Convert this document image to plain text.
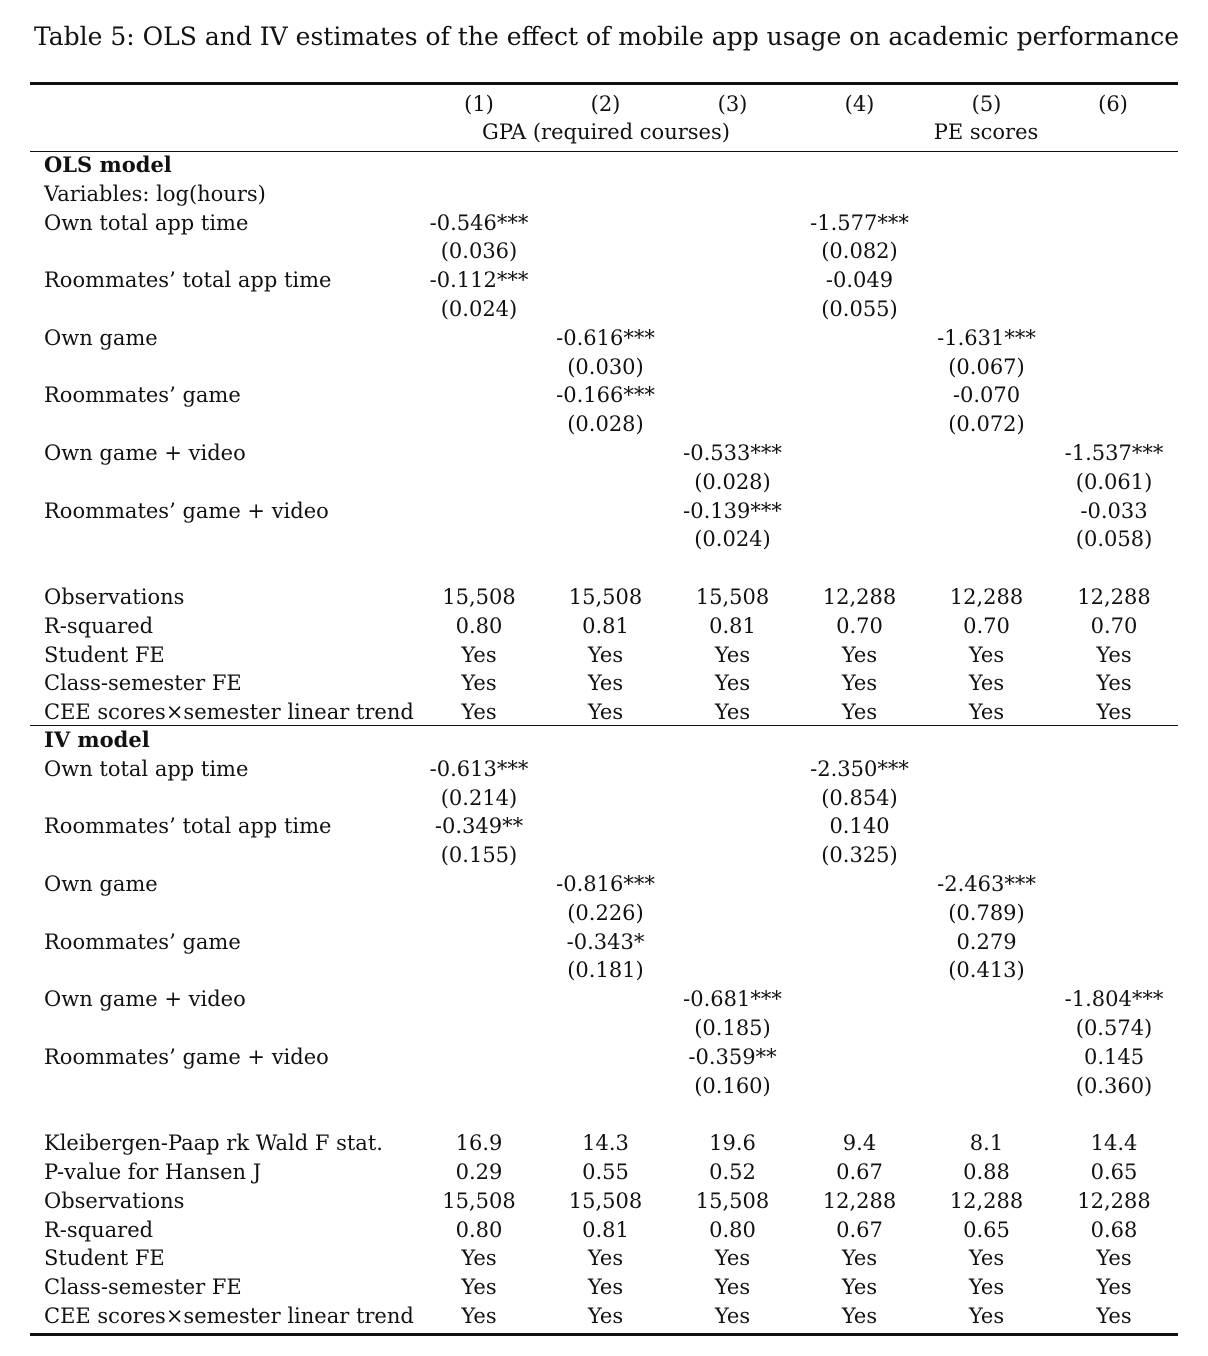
Table 5: OLS and IV estimates of the effect of mobile app usage on academic performance
(1)	(2)	(3)	(4)	(5)	(6)
GPA (required courses)	PE scores
OLS model						
Variables: log(hours)						
Own total app time	-0.546***			-1.577***		
	(0.036)			(0.082)		
Roommates’ total app time	-0.112***			-0.049		
	(0.024)			(0.055)		
Own game		-0.616***			-1.631***	
		(0.030)			(0.067)	
Roommates’ game		-0.166***			-0.070	
		(0.028)			(0.072)	
Own game + video			-0.533***			-1.537***
			(0.028)			(0.061)
Roommates’ game + video			-0.139***			-0.033
			(0.024)			(0.058)

Observations	15,508	15,508	15,508	12,288	12,288	12,288
R-squared	0.80	0.81	0.81	0.70	0.70	0.70
Student FE	Yes	Yes	Yes	Yes	Yes	Yes
Class-semester FE	Yes	Yes	Yes	Yes	Yes	Yes
CEE scores×semester linear trend	Yes	Yes	Yes	Yes	Yes	Yes
IV model						
Own total app time	-0.613***			-2.350***		
	(0.214)			(0.854)		
Roommates’ total app time	-0.349**			0.140		
	(0.155)			(0.325)		
Own game		-0.816***			-2.463***	
		(0.226)			(0.789)	
Roommates’ game		-0.343*			0.279	
		(0.181)			(0.413)	
Own game + video			-0.681***			-1.804***
			(0.185)			(0.574)
Roommates’ game + video			-0.359**			0.145
			(0.160)			(0.360)

Kleibergen-Paap rk Wald F stat.	16.9	14.3	19.6	9.4	8.1	14.4
P-value for Hansen J	0.29	0.55	0.52	0.67	0.88	0.65
Observations	15,508	15,508	15,508	12,288	12,288	12,288
R-squared	0.80	0.81	0.80	0.67	0.65	0.68
Student FE	Yes	Yes	Yes	Yes	Yes	Yes
Class-semester FE	Yes	Yes	Yes	Yes	Yes	Yes
CEE scores×semester linear trend	Yes	Yes	Yes	Yes	Yes	Yes
